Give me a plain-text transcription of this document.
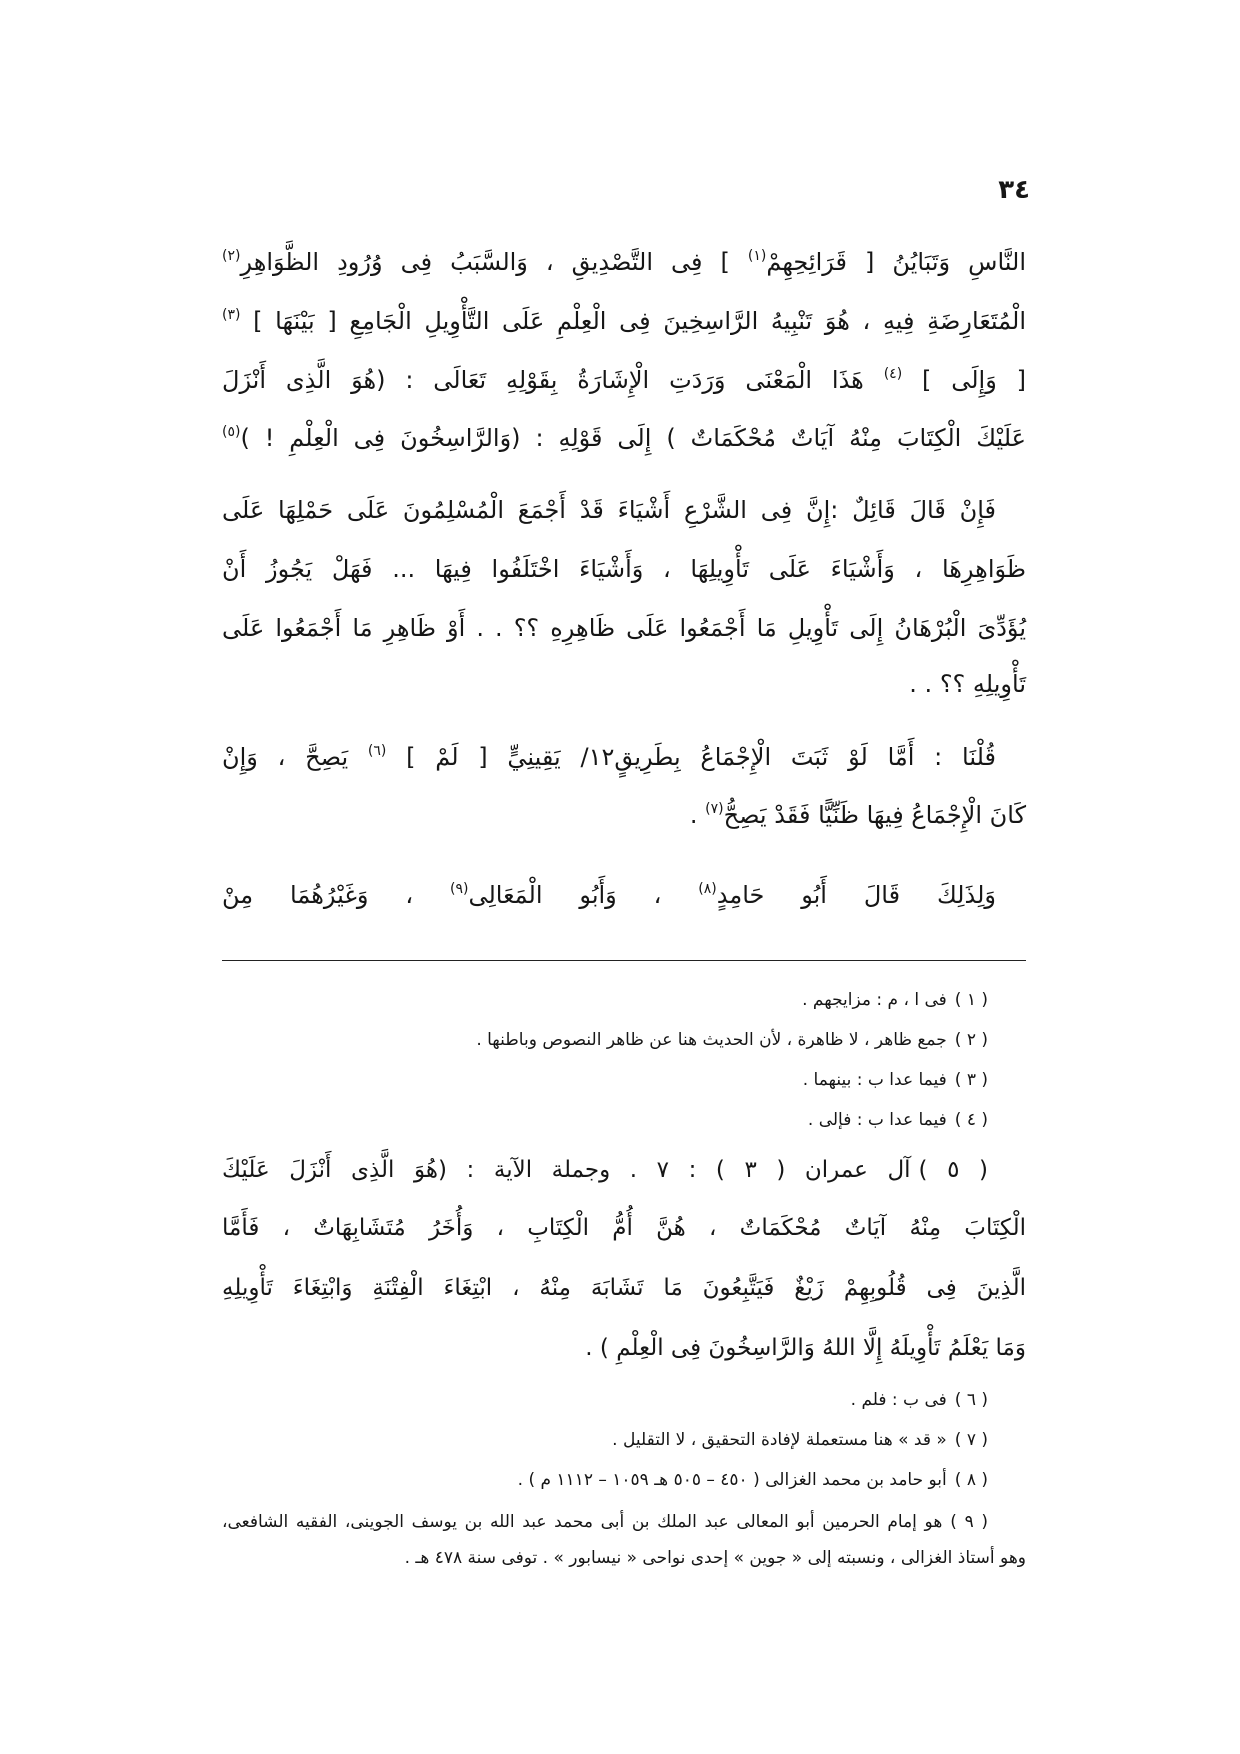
٣٤
النَّاسِ وَتَبَايُنُ [ قَرَائِحِهِمْ$^{(١)}$ ] فِى التَّصْدِيقِ ، وَالسَّبَبُ فِى وُرُودِ الظَّوَاهِرِ$^{(٢)}$
الْمُتَعَارِضَةِ فِيهِ ، هُوَ تَنْبِيهُ الرَّاسِخِينَ فِى الْعِلْمِ عَلَى التَّأْوِيلِ الْجَامِعِ [ بَيْنَهَا ] $^{(٣)}$
[ وَإِلَى ] $^{(٤)}$ هَذَا الْمَعْنَى وَرَدَتِ الْإِشَارَةُ بِقَوْلِهِ تَعَالَى : (هُوَ الَّذِى أَنْزَلَ
عَلَيْكَ الْكِتَابَ مِنْهُ آيَاتٌ مُحْكَمَاتٌ ) إِلَى قَوْلِهِ : (وَالرَّاسِخُونَ فِى الْعِلْمِ ! )$^{(٥)}$
فَإِنْ قَالَ قَائِلٌ :إِنَّ فِى الشَّرْعِ أَشْيَاءَ قَدْ أَجْمَعَ الْمُسْلِمُونَ عَلَى حَمْلِهَا عَلَى
ظَوَاهِرِهَا ، وَأَشْيَاءَ عَلَى تَأْوِيلِهَا ، وَأَشْيَاءَ اخْتَلَفُوا فِيهَا ... فَهَلْ يَجُوزُ أَنْ
يُؤَدِّىَ الْبُرْهَانُ إِلَى تَأْوِيلِ مَا أَجْمَعُوا عَلَى ظَاهِرِهِ ؟؟ . . أَوْ ظَاهِرِ مَا أَجْمَعُوا عَلَى
تَأْوِيلِهِ ؟؟ . .
قُلْنَا : أَمَّا لَوْ ثَبَتَ الْإِجْمَاعُ بِطَرِيقٍ١٢/ يَقِينِيٍّ [ لَمْ ] $^{(٦)}$ يَصِحَّ ، وَإِنْ
كَانَ الْإِجْمَاعُ فِيهَا ظَنِّيًّا فَقَدْ يَصِحُّ$^{(٧)}$ .
وَلِذَلِكَ قَالَ أَبُو حَامِدٍ$^{(٨)}$ ، وَأَبُو الْمَعَالِى$^{(٩)}$ ، وَغَيْرُهُمَا مِنْ
( ١ )فى ا ، م : مزايجهم .
( ٢ )جمع ظاهر ، لا ظاهرة ، لأن الحديث هنا عن ظاهر النصوص وباطنها .
( ٣ )فيما عدا ب : بينهما .
( ٤ )فيما عدا ب : فإلى .
( ٥ )آل عمران ( ٣ ) : ٧ . وجملة الآية : (هُوَ الَّذِى أَنْزَلَ عَلَيْكَ
الْكِتَابَ مِنْهُ آيَاتٌ مُحْكَمَاتٌ ، هُنَّ أُمُّ الْكِتَابِ ، وَأُخَرُ مُتَشَابِهَاتٌ ، فَأَمَّا
الَّذِينَ فِى قُلُوبِهِمْ زَيْغٌ فَيَتَّبِعُونَ مَا تَشَابَهَ مِنْهُ ، ابْتِغَاءَ الْفِتْنَةِ وَابْتِغَاءَ تَأْوِيلِهِ
وَمَا يَعْلَمُ تَأْوِيلَهُ إِلَّا اللهُ وَالرَّاسِخُونَ فِى الْعِلْمِ ) .
( ٦ )فى ب : فلم .
( ٧ )« قد » هنا مستعملة لإفادة التحقيق ، لا التقليل .
( ٨ )أبو حامد بن محمد الغزالى ( ٤٥٠ – ٥٠٥ هـ ١٠٥٩ – ١١١٢ م ) .
( ٩ )هو إمام الحرمين أبو المعالى عبد الملك بن أبى محمد عبد الله بن يوسف الجوينى، الفقيه الشافعى،
وهو أستاذ الغزالى ، ونسبته إلى « جوين » إحدى نواحى « نيسابور » . توفى سنة ٤٧٨ هـ .
